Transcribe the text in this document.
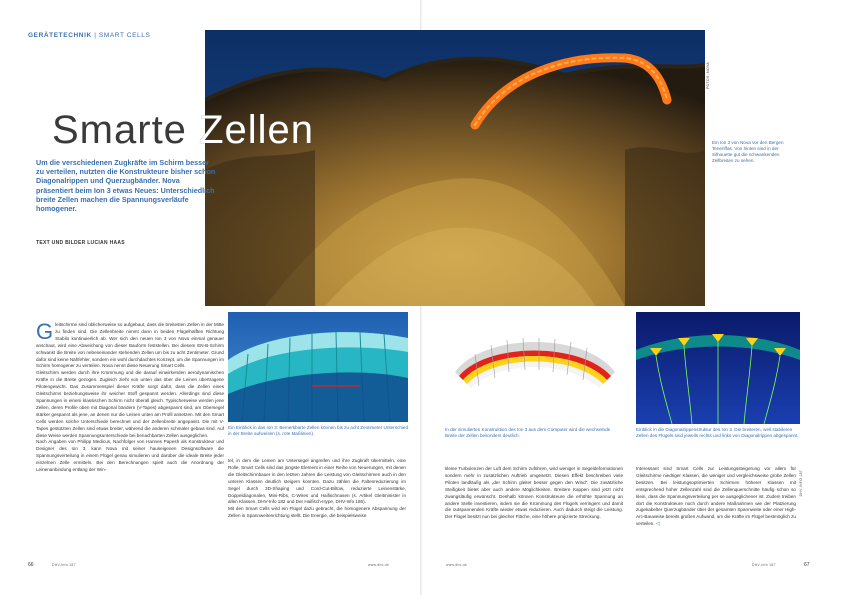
GERÄTETECHNIK | SMART CELLS
FOTOS: NOVA
Smarte Zellen
Um die verschiedenen Zugkräfte im Schirm besser zu verteilen, nutzten die Konstrukteure bisher schon Diagonalrippen und Querzugbänder. Nova präsentiert beim Ion 3 etwas Neues: Unterschiedlich breite Zellen machen die Spannungsverläufe homogener.
TEXT UND BILDER LUCIAN HAAS
Ein Ion 3 von Nova vor den Bergen Teneriffas. Von hinten sind in der Silhouette gut die schwankenden Zellbreiten zu sehen.
Gleitschirme sind üblicherweise so aufgebaut, dass die breitesten Zellen in der Mitte zu finden sind. Die Zellenbreite nimmt dann in beiden Flügelhälften Richtung Stabilo kontinuierlich ab. Wer sich den neuen Ion 3 von Nova einmal genauer anschaut, wird eine Abweichung von dieser Bauform feststellen. Bei diesem EN-B-Schirm schwankt die Breite von nebeneinander stehenden Zellen um bis zu acht Zentimeter. Grund dafür sind keine Nähfehler, sondern ein wohl durchdachtes Konzept, um die Spannungen im Schirm homogener zu verteilen. Nova nennt diese Neuerung Smart Cells.
Gleitschirm werden durch ihre Krümmung und die darauf einwirkenden aerodynamischen Kräfte in die Breite gezogen. Zugleich zieht von unten das über die Leinen übertragene Pilotengewicht. Das Zusammenspiel dieser Kräfte sorgt dafür, dass die Zellen eines Gleitschirms beziehungsweise ihr weicher Stoff gespannt werden. Allerdings sind diese Spannungen in einem klassischen Schirm nicht überall gleich. Typischerweise werden jene Zellen, deren Profile oben mit Diagonal bändern (V-Tapes) abgespannt sind, am Obersegel stärker gespannt als jene, an denen nur die Leinen unten am Profil ansetzen. Mit den Smart Cells werden solche Unterschiede berechnet und der Zellenbreite angepasst. Die mit V-Tapes gestützten Zellen sind etwas breiter, während die anderen schmaler gebaut sind. Auf diese Weise werden Spannungsunterschiede bei benachbarten Zellen ausgeglichen.
Nach Angaben von Philipp Medicus, Nachfolger von Hannes Papesh als Konstrukteur und Designer des Ion 3, kann Nova mit seiner hauseigenen Designsoftware die Spannungsverteilung in einem Flügel genau simulieren und darüber die ideale Breite jeder einzelnen Zelle ermitteln. Bei den Berechnungen spielt auch die Anordnung der Leinenanbindung entlang der Win-
Ein Einblick in das Ion 3: Bemerkbarte Zellen können bis zu acht Zentimeter Unterschied in der Breite aufweisen (s. rote Maßlinien).
tel, in dem die Leinen am Untersegel angreifen und ihre Zugkraft übermitteln, eine Rolle. Smart Cells sind das jüngste Element in einer Reihe von Neuerungen, mit denen die Gleitschirmbauer in den letzten Jahren die Leistung von Gleitschirmen auch in den unteren Klassen deutlich steigern konnten. Dazu zählen die Faltenreduzierung im Segel durch 3D-Shaping und Cord-Cut-Biltow, reduzierte Leinenstärke, Doppeldiagonalen, Mini-Ribs, C-Wires und Haifischnasen (s. Artikel Gleitminister in allen Klassen, DHV-Info 182 und Der Haifisch-Hype, DHV-Info 186).
Mit den Smart Cells wird ein Flügel dazu gebracht, die homogenere Abspannung der Zellen in Spannweitenrichtung stellt. Die Energie, die beispielsweise
In der simulierten Konstruktion des Ion 3 aus dem Computer wird die wechselnde Breite der Zellen besonders deutlich.
Einblick in die Diagonalrippenstruktur des Ion 3. Die breiteren, weil stabileren Zellen des Flügels sind jeweils rechts und links von Diagonalrippen abgespannt.
kleine Turbulenzen der Luft dem Schirm zuführen, wird weniger in Segeldeformationen sondern mehr in zusätzlichen Auftrieb umgesetzt. Diesen Effekt beschreiben viele Piloten landläufig als „der Schirm gleitet besser gegen den Wind“. Die zusätzliche Steifigkeit bietet aber auch andere Möglichkeiten. Breitere Kappen sind jetzt nicht zwangsläufig erwünscht. Deshalb können Konstrukteure die erhöhte Spannung an andere Stelle investieren, indem sie die Krümmung des Flügels verringern und damit die outspannenden Kräfte wieder etwas reduzieren. Auch dadurch steigt die Leistung. Der Flügel besitzt nun bei gleicher Fläche, eine höhere projizierte Streckung.
Interessant sind Smart Cells zur Leistungssteigerung vor allem für Gleitschirme niedriger Klassen, die weniger und vergleichsweise grobe Zellen besitzen. Bei leistungsoptimierten Schirmen höherer Klassen mit entsprechend hoher Zellenzahl sind die Zellenquerschnitte häufig schon so klein, dass die Spannungsverteilung per se ausgeglichener ist. Zudem treiben dort die Konstrukteure noch durch andere Maßnahmen wie der Platzierung zugekabelter Querzugbänder über der gesamten Spannweite oder einer High-Arc-Bauweise bereits großen Aufwand, um die Kräfte im Flügel bestmöglich zu verteilen. ◁
DHV-INFO 187
66	DHV-info 187	www.dhv.de	www.dhv.de	DHV-info 187	67
